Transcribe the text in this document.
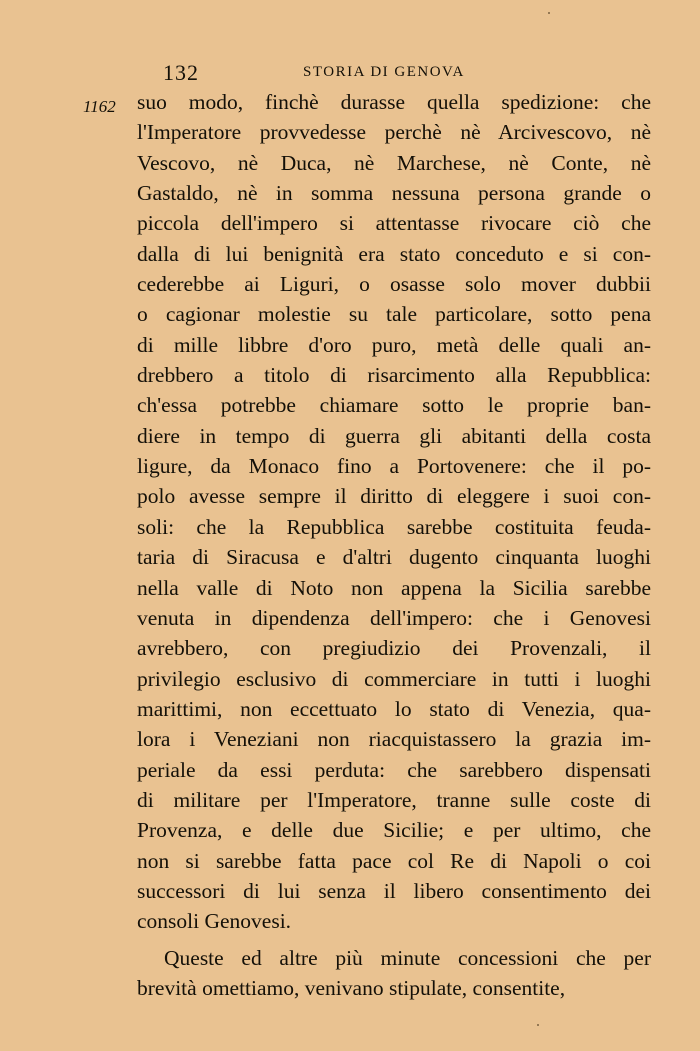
132	STORIA DI GENOVA
1162 suo modo, finchè durasse quella spedizione: che
l'Imperatore provvedesse perchè nè Arcivescovo, nè
Vescovo, nè Duca, nè Marchese, nè Conte, nè
Gastaldo, nè in somma nessuna persona grande o
piccola dell'impero si attentasse rivocare ciò che
dalla di lui benignità era stato conceduto e si con-
cederebbe ai Liguri, o osasse solo mover dubbii
o cagionar molestie su tale particolare, sotto pena
di mille libbre d'oro puro, metà delle quali an-
drebbero a titolo di risarcimento alla Repubblica:
ch'essa potrebbe chiamare sotto le proprie ban-
diere in tempo di guerra gli abitanti della costa
ligure, da Monaco fino a Portovenere: che il po-
polo avesse sempre il diritto di eleggere i suoi con-
soli: che la Repubblica sarebbe costituita feuda-
taria di Siracusa e d'altri dugento cinquanta luoghi
nella valle di Noto non appena la Sicilia sarebbe
venuta in dipendenza dell'impero: che i Genovesi
avrebbero, con pregiudizio dei Provenzali, il
privilegio esclusivo di commerciare in tutti i luoghi
marittimi, non eccettuato lo stato di Venezia, qua-
lora i Veneziani non riacquistassero la grazia im-
periale da essi perduta: che sarebbero dispensati
di militare per l'Imperatore, tranne sulle coste di
Provenza, e delle due Sicilie; e per ultimo, che
non si sarebbe fatta pace col Re di Napoli o coi
successori di lui senza il libero consentimento dei
consoli Genovesi.
Queste ed altre più minute concessioni che per
brevità omettiamo, venivano stipulate, consentite,
